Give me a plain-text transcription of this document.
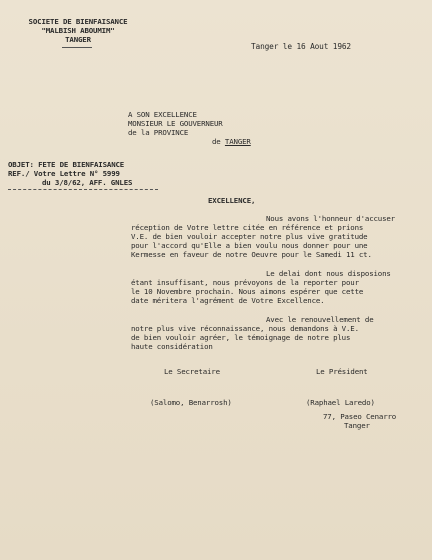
SOCIETE DE BIENFAISANCE
"MALBISH ABOUMIM"
TANGER
Tanger le 16 Aout 1962
A SON EXCELLENCE
MONSIEUR LE GOUVERNEUR
de la PROVINCE
de TANGER
OBJET: FETE DE BIENFAISANCE
REF./ Votre Lettre N° 5999
du 3/8/62, AFF. GNLES
EXCELLENCE,
Nous avons l'honneur d'accuser
réception de Votre lettre citée en référence et prions
V.E. de bien vouloir accepter notre plus vive gratitude
pour l'accord qu'Elle a bien voulu nous donner pour une
Kermesse en faveur de notre Oeuvre pour le Samedi 11 ct.
Le delai dont nous disposions
étant insuffisant, nous prévoyons de la reporter pour
le 10 Novembre prochain. Nous aimons espérer que cette
date méritera l'agrément de Votre Excellence.
Avec le renouvellement de
notre plus vive réconnaissance, nous demandons à V.E.
de bien vouloir agréer, le témoignage de notre plus
haute considération
Le Secretaire	Le Président
(Salomo, Benarrosh)	(Raphael Laredo)
77, Paseo Cenarro
Tanger
